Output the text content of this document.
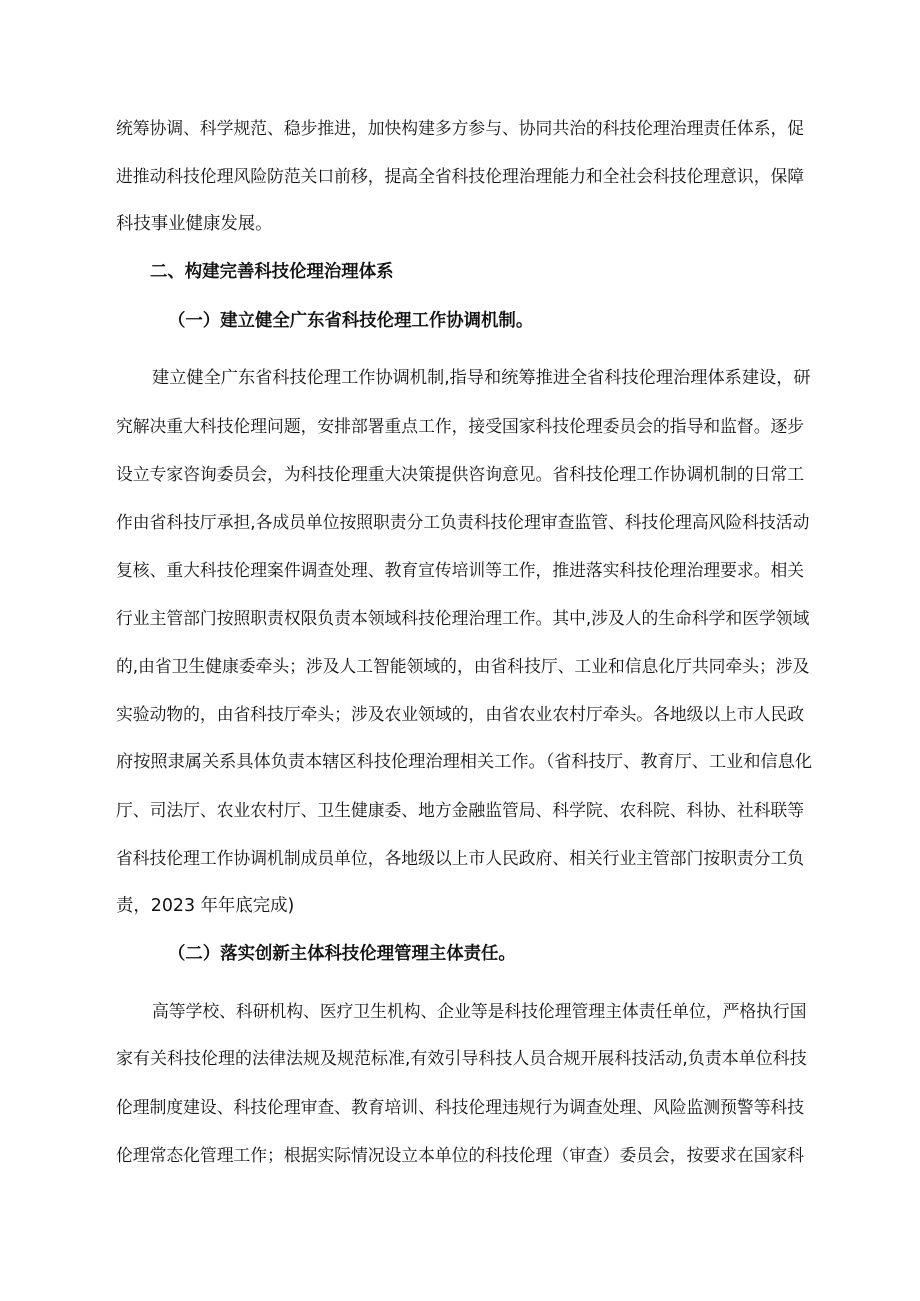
统筹协调、科学规范、稳步推进，加快构建多方参与、协同共治的科技伦理治理责任体系，促
进推动科技伦理风险防范关口前移，提高全省科技伦理治理能力和全社会科技伦理意识，保障
科技事业健康发展。
二、构建完善科技伦理治理体系
（一）建立健全广东省科技伦理工作协调机制。
建立健全广东省科技伦理工作协调机制,指导和统筹推进全省科技伦理治理体系建设，研
究解决重大科技伦理问题，安排部署重点工作，接受国家科技伦理委员会的指导和监督。逐步
设立专家咨询委员会，为科技伦理重大决策提供咨询意见。省科技伦理工作协调机制的日常工
作由省科技厅承担,各成员单位按照职责分工负责科技伦理审查监管、科技伦理高风险科技活动
复核、重大科技伦理案件调查处理、教育宣传培训等工作，推进落实科技伦理治理要求。相关
行业主管部门按照职责权限负责本领域科技伦理治理工作。其中,涉及人的生命科学和医学领域
的,由省卫生健康委牵头；涉及人工智能领域的，由省科技厅、工业和信息化厅共同牵头；涉及
实验动物的，由省科技厅牵头；涉及农业领域的，由省农业农村厅牵头。各地级以上市人民政
府按照隶属关系具体负责本辖区科技伦理治理相关工作。（省科技厅、教育厅、工业和信息化
厅、司法厅、农业农村厅、卫生健康委、地方金融监管局、科学院、农科院、科协、社科联等
省科技伦理工作协调机制成员单位，各地级以上市人民政府、相关行业主管部门按职责分工负
责，2023 年年底完成)
（二）落实创新主体科技伦理管理主体责任。
高等学校、科研机构、医疗卫生机构、企业等是科技伦理管理主体责任单位，严格执行国
家有关科技伦理的法律法规及规范标准,有效引导科技人员合规开展科技活动,负责本单位科技
伦理制度建设、科技伦理审查、教育培训、科技伦理违规行为调查处理、风险监测预警等科技
伦理常态化管理工作；根据实际情况设立本单位的科技伦理（审查）委员会，按要求在国家科
